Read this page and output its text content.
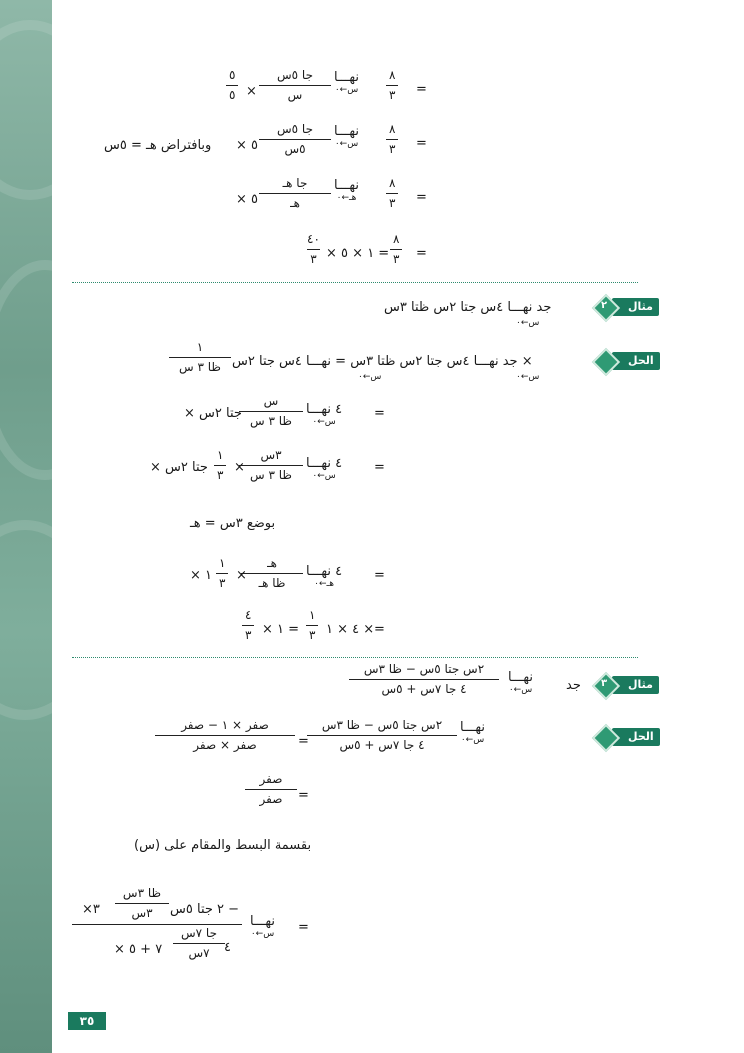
=
٨
٣
نهـــا
س←٠
جا ٥س
س
×
٥
٥
=
٨
٣
نهـــا
س←٠
جا ٥س
٥س
× ٥
وبافتراض هـ = ٥س
=
٨
٣
نهـــا
هـ←٠
جا هـ
هـ
× ٥
=
٨
٣
× ١ × ٥ =
٤٠
٣
مثال
٢
جد نهـــا ٤س جتا ٢س ظتا ٣س
س←٠
الحل
جد نهـــا ٤س جتا ٢س ظتا ٣س = نهـــا ٤س جتا ٢س ×
س←٠
س←٠
١
ظا ٣ س
=
٤ نهـــا
س←٠
س
ظا ٣ س
× جتا ٢س
=
٤ نهـــا
س←٠
٣س
ظا ٣ س
×
١
٣
× جتا ٢س
بوضع ٣س = هـ
=
٤ نهـــا
هـ←٠
هـ
ظا هـ
×
١
٣
× ١
=
٤ × ١ ×
١
٣
× ١ =
٤
٣
مثال
٣
جد
نهـــا
س←٠
٢س جتا ٥س − ظا ٣س
٤ جا ٧س + ٥س
الحل
نهـــا
س←٠
٢س جتا ٥س − ظا ٣س
٤ جا ٧س + ٥س
=
صفر × ١ − صفر
صفر × صفر
=
صفر
صفر
بقسمة البسط والمقام على (س)
=
نهـــا
س←٠
٢ جتا ٥س −
ظا ٣س
٣س
×٣
٤
جا ٧س
٧س
× ٧ + ٥
٣٥
